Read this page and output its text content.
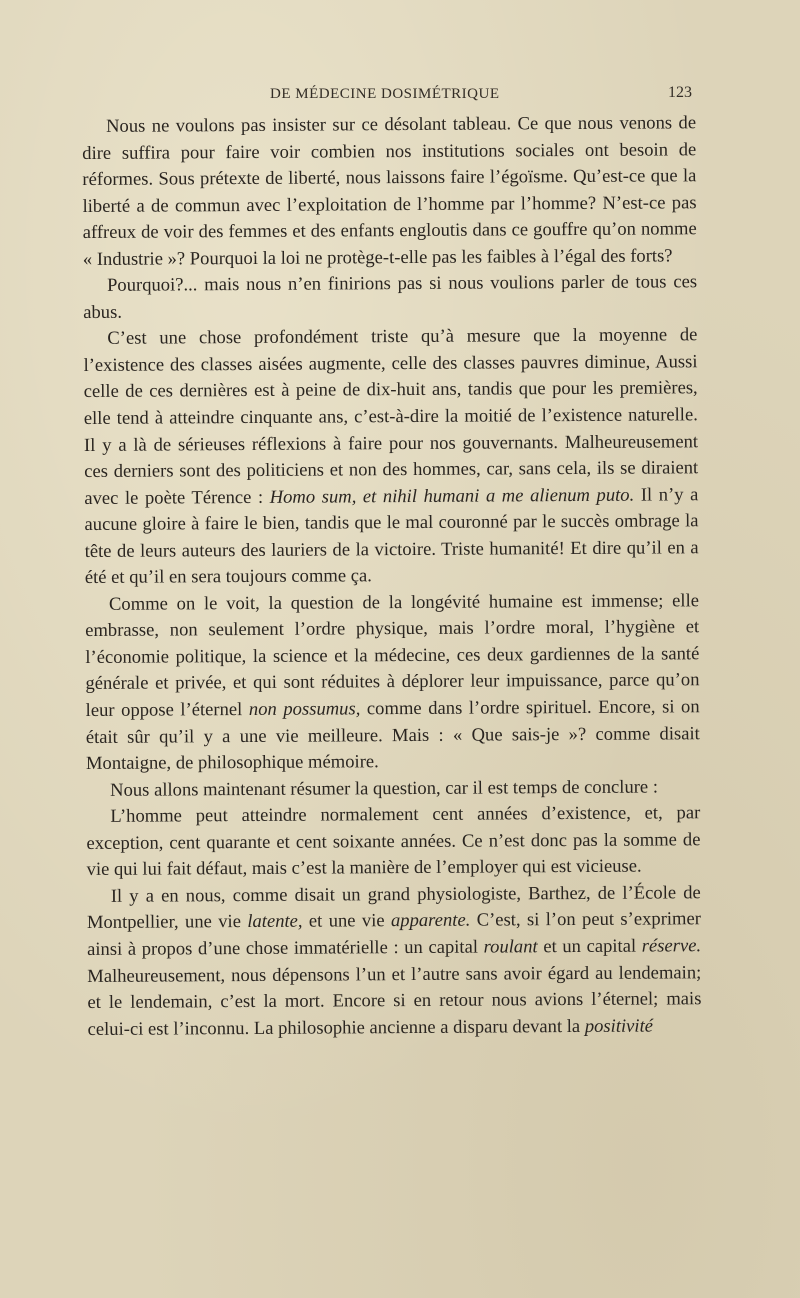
DE MÉDECINE DOSIMÉTRIQUE	123

Nous ne voulons pas insister sur ce désolant tableau. Ce que nous venons de dire suffira pour faire voir combien nos institutions sociales ont besoin de réformes. Sous prétexte de liberté, nous laissons faire l’égoïsme. Qu’est-ce que la liberté a de commun avec l’exploitation de l’homme par l’homme? N’est-ce pas affreux de voir des femmes et des enfants engloutis dans ce gouffre qu’on nomme « Industrie »? Pourquoi la loi ne protège-t-elle pas les faibles à l’égal des forts?

Pourquoi?... mais nous n’en finirions pas si nous voulions parler de tous ces abus.

C’est une chose profondément triste qu’à mesure que la moyenne de l’existence des classes aisées augmente, celle des classes pauvres diminue, Aussi celle de ces dernières est à peine de dix-huit ans, tandis que pour les premières, elle tend à atteindre cinquante ans, c’est-à-dire la moitié de l’existence naturelle. Il y a là de sérieuses réflexions à faire pour nos gouvernants. Malheureusement ces derniers sont des politiciens et non des hommes, car, sans cela, ils se diraient avec le poète Térence : Homo sum, et nihil humani a me alienum puto. Il n’y a aucune gloire à faire le bien, tandis que le mal couronné par le succès ombrage la tête de leurs auteurs des lauriers de la victoire. Triste humanité! Et dire qu’il en a été et qu’il en sera toujours comme ça.

Comme on le voit, la question de la longévité humaine est immense; elle embrasse, non seulement l’ordre physique, mais l’ordre moral, l’hygiène et l’économie politique, la science et la médecine, ces deux gardiennes de la santé générale et privée, et qui sont réduites à déplorer leur impuissance, parce qu’on leur oppose l’éternel non possumus, comme dans l’ordre spirituel. Encore, si on était sûr qu’il y a une vie meilleure. Mais : « Que sais-je »? comme disait Montaigne, de philosophique mémoire.

Nous allons maintenant résumer la question, car il est temps de conclure :

L’homme peut atteindre normalement cent années d’existence, et, par exception, cent quarante et cent soixante années. Ce n’est donc pas la somme de vie qui lui fait défaut, mais c’est la manière de l’employer qui est vicieuse.

Il y a en nous, comme disait un grand physiologiste, Barthez, de l’École de Montpellier, une vie latente, et une vie apparente. C’est, si l’on peut s’exprimer ainsi à propos d’une chose immatérielle : un capital roulant et un capital réserve. Malheureusement, nous dépensons l’un et l’autre sans avoir égard au lendemain; et le lendemain, c’est la mort. Encore si en retour nous avions l’éternel; mais celui-ci est l’inconnu. La philosophie ancienne a disparu devant la positivité
